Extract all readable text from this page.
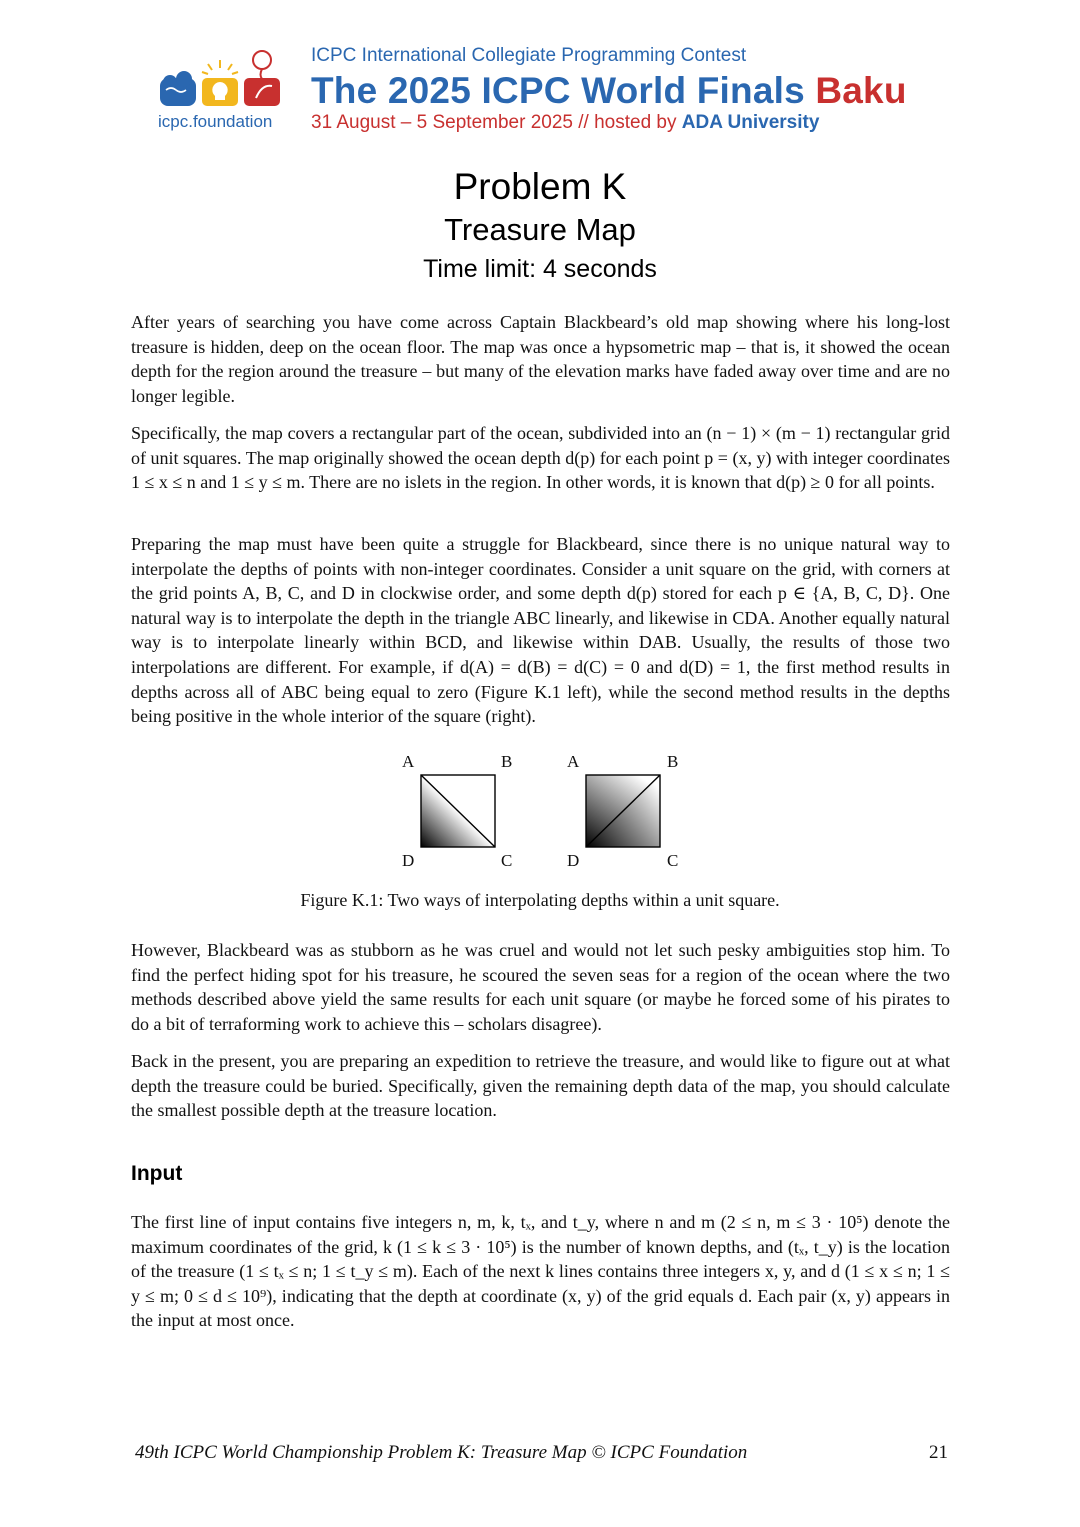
icpc.foundation
ICPC International Collegiate Programming Contest
The 2025 ICPC World Finals Baku
31 August – 5 September 2025 // hosted by ADA University
Problem K
Treasure Map
Time limit: 4 seconds

After years of searching you have come across Captain Blackbeard’s old map showing where his long-lost treasure is hidden, deep on the ocean floor. The map was once a hypsometric map – that is, it showed the ocean depth for the region around the treasure – but many of the elevation marks have faded away over time and are no longer legible.

Specifically, the map covers a rectangular part of the ocean, subdivided into an (n − 1) × (m − 1) rectangular grid of unit squares. The map originally showed the ocean depth d(p) for each point p = (x, y) with integer coordinates 1 ≤ x ≤ n and 1 ≤ y ≤ m. There are no islets in the region. In other words, it is known that d(p) ≥ 0 for all points.

Preparing the map must have been quite a struggle for Blackbeard, since there is no unique natural way to interpolate the depths of points with non-integer coordinates. Consider a unit square on the grid, with corners at the grid points A, B, C, and D in clockwise order, and some depth d(p) stored for each p ∈ {A, B, C, D}. One natural way is to interpolate the depth in the triangle ABC linearly, and likewise in CDA. Another equally natural way is to interpolate linearly within BCD, and likewise within DAB. Usually, the results of those two interpolations are different. For example, if d(A) = d(B) = d(C) = 0 and d(D) = 1, the first method results in depths across all of ABC being equal to zero (Figure K.1 left), while the second method results in the depths being positive in the whole interior of the square (right).

A	B
D	C
A	B
D	C
Figure K.1: Two ways of interpolating depths within a unit square.

However, Blackbeard was as stubborn as he was cruel and would not let such pesky ambiguities stop him. To find the perfect hiding spot for his treasure, he scoured the seven seas for a region of the ocean where the two methods described above yield the same results for each unit square (or maybe he forced some of his pirates to do a bit of terraforming work to achieve this – scholars disagree).

Back in the present, you are preparing an expedition to retrieve the treasure, and would like to figure out at what depth the treasure could be buried. Specifically, given the remaining depth data of the map, you should calculate the smallest possible depth at the treasure location.

Input

The first line of input contains five integers n, m, k, tₓ, and t_y, where n and m (2 ≤ n, m ≤ 3 · 10⁵) denote the maximum coordinates of the grid, k (1 ≤ k ≤ 3 · 10⁵) is the number of known depths, and (tₓ, t_y) is the location of the treasure (1 ≤ tₓ ≤ n; 1 ≤ t_y ≤ m). Each of the next k lines contains three integers x, y, and d (1 ≤ x ≤ n; 1 ≤ y ≤ m; 0 ≤ d ≤ 10⁹), indicating that the depth at coordinate (x, y) of the grid equals d. Each pair (x, y) appears in the input at most once.

49th ICPC World Championship Problem K: Treasure Map © ICPC Foundation	21
